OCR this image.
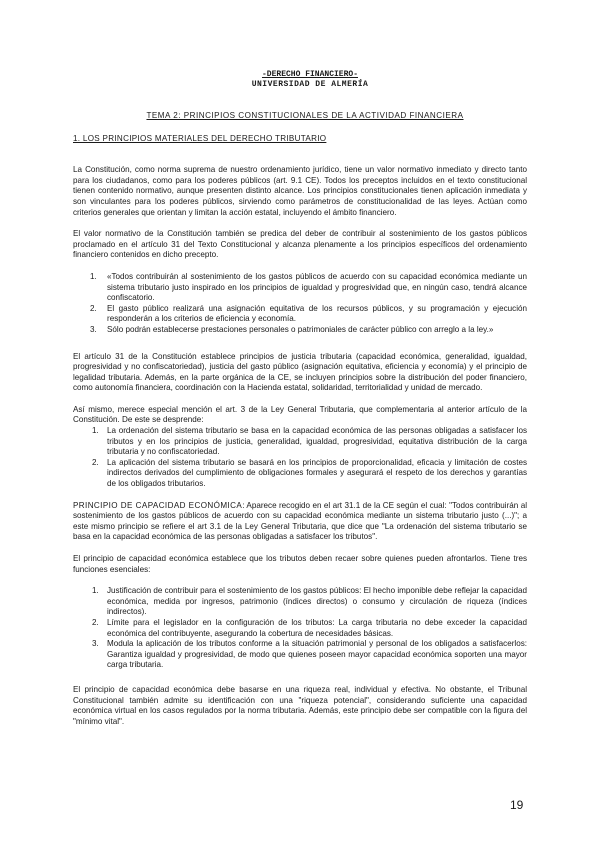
-DERECHO FINANCIERO-
UNIVERSIDAD DE ALMERÍA
TEMA 2: PRINCIPIOS CONSTITUCIONALES DE LA ACTIVIDAD FINANCIERA
1. LOS PRINCIPIOS MATERIALES DEL DERECHO TRIBUTARIO

La Constitución, como norma suprema de nuestro ordenamiento jurídico, tiene un valor normativo inmediato y directo tanto para los ciudadanos, como para los poderes públicos (art. 9.1 CE). Todos los preceptos incluidos en el texto constitucional tienen contenido normativo, aunque presenten distinto alcance. Los principios constitucionales tienen aplicación inmediata y son vinculantes para los poderes públicos, sirviendo como parámetros de constitucionalidad de las leyes. Actúan como criterios generales que orientan y limitan la acción estatal, incluyendo el ámbito financiero.

El valor normativo de la Constitución también se predica del deber de contribuir al sostenimiento de los gastos públicos proclamado en el artículo 31 del Texto Constitucional y alcanza plenamente a los principios específicos del ordenamiento financiero contenidos en dicho precepto.

1. «Todos contribuirán al sostenimiento de los gastos públicos de acuerdo con su capacidad económica mediante un sistema tributario justo inspirado en los principios de igualdad y progresividad que, en ningún caso, tendrá alcance confiscatorio.
2. El gasto público realizará una asignación equitativa de los recursos públicos, y su programación y ejecución responderán a los criterios de eficiencia y economía.
3. Sólo podrán establecerse prestaciones personales o patrimoniales de carácter público con arreglo a la ley.»

El artículo 31 de la Constitución establece principios de justicia tributaria (capacidad económica, generalidad, igualdad, progresividad y no confiscatoriedad), justicia del gasto público (asignación equitativa, eficiencia y economía) y el principio de legalidad tributaria. Además, en la parte orgánica de la CE, se incluyen principios sobre la distribución del poder financiero, como autonomía financiera, coordinación con la Hacienda estatal, solidaridad, territorialidad y unidad de mercado.

Así mismo, merece especial mención el art. 3 de la Ley General Tributaria, que complementaria al anterior artículo de la Constitución. De este se desprende:

1. La ordenación del sistema tributario se basa en la capacidad económica de las personas obligadas a satisfacer los tributos y en los principios de justicia, generalidad, igualdad, progresividad, equitativa distribución de la carga tributaria y no confiscatoriedad.
2. La aplicación del sistema tributario se basará en los principios de proporcionalidad, eficacia y limitación de costes indirectos derivados del cumplimiento de obligaciones formales y asegurará el respeto de los derechos y garantías de los obligados tributarios.

PRINCIPIO DE CAPACIDAD ECONÓMICA: Aparece recogido en el art 31.1 de la CE según el cual: "Todos contribuirán al sostenimiento de los gastos públicos de acuerdo con su capacidad económica mediante un sistema tributario justo (...)"; a este mismo principio se refiere el art 3.1 de la Ley General Tributaria, que dice que "La ordenación del sistema tributario se basa en la capacidad económica de las personas obligadas a satisfacer los tributos".

El principio de capacidad económica establece que los tributos deben recaer sobre quienes pueden afrontarlos. Tiene tres funciones esenciales:

1. Justificación de contribuir para el sostenimiento de los gastos públicos: El hecho imponible debe reflejar la capacidad económica, medida por ingresos, patrimonio (índices directos) o consumo y circulación de riqueza (índices indirectos).
2. Límite para el legislador en la configuración de los tributos: La carga tributaria no debe exceder la capacidad económica del contribuyente, asegurando la cobertura de necesidades básicas.
3. Modula la aplicación de los tributos conforme a la situación patrimonial y personal de los obligados a satisfacerlos: Garantiza igualdad y progresividad, de modo que quienes poseen mayor capacidad económica soporten una mayor carga tributaria.

El principio de capacidad económica debe basarse en una riqueza real, individual y efectiva. No obstante, el Tribunal Constitucional también admite su identificación con una "riqueza potencial", considerando suficiente una capacidad económica virtual en los casos regulados por la norma tributaria. Además, este principio debe ser compatible con la figura del "mínimo vital".

19
